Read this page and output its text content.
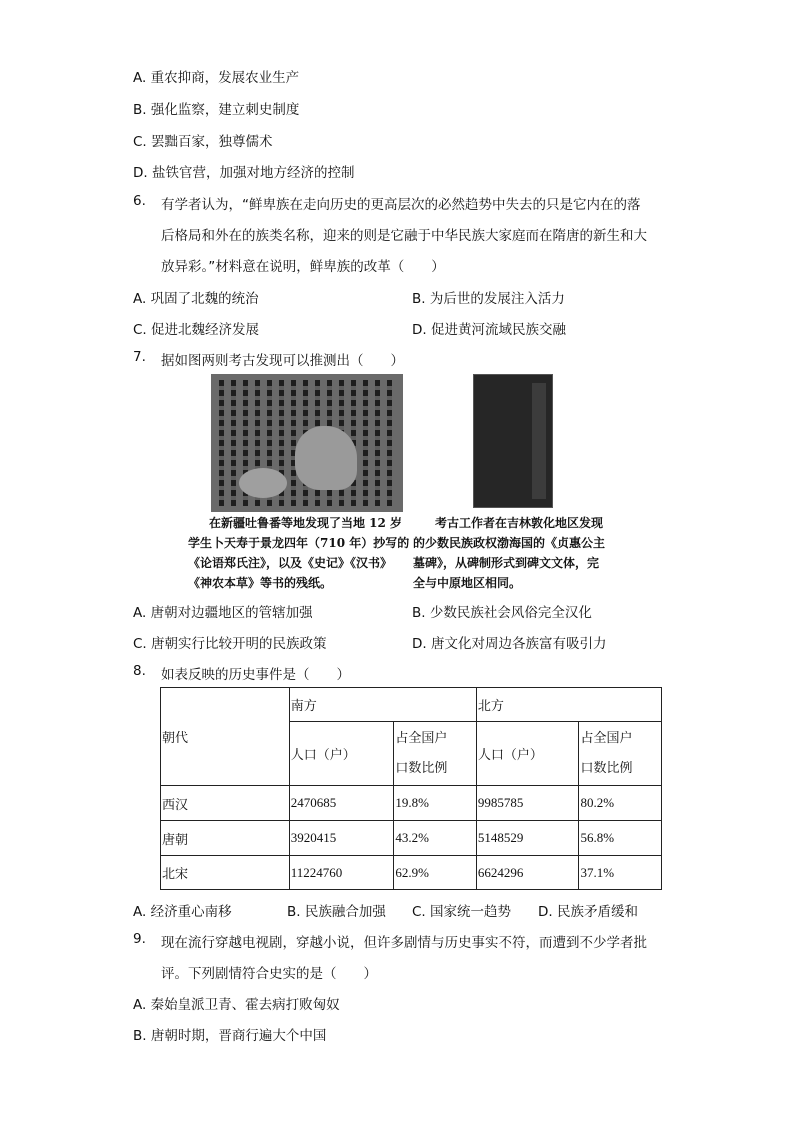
A. 重农抑商，发展农业生产
B. 强化监察，建立刺史制度
C. 罢黜百家，独尊儒术
D. 盐铁官营，加强对地方经济的控制
6. 有学者认为，“鲜卑族在走向历史的更高层次的必然趋势中失去的只是它内在的落
后格局和外在的族类名称，迎来的则是它融于中华民族大家庭而在隋唐的新生和大
放异彩。”材料意在说明，鲜卑族的改革（　　）
A. 巩固了北魏的统治	B. 为后世的发展注入活力
C. 促进北魏经济发展	D. 促进黄河流域民族交融
7. 据如图两则考古发现可以推测出（　　）
在新疆吐鲁番等地发现了当地 12 岁
学生卜天寿于景龙四年（710 年）抄写的
《论语郑氏注》，以及《史记》《汉书》
《神农本草》等书的残纸。
考古工作者在吉林敦化地区发现
的少数民族政权渤海国的《贞惠公主
墓碑》，从碑制形式到碑文文体，完
全与中原地区相同。
A. 唐朝对边疆地区的管辖加强	B. 少数民族社会风俗完全汉化
C. 唐朝实行比较开明的民族政策	D. 唐文化对周边各族富有吸引力
8. 如表反映的历史事件是（　　）
朝代	南方		北方	
	人口（户）	占全国户
口数比例	人口（户）	占全国户
口数比例
西汉	2470685	19.8%	9985785	80.2%
唐朝	3920415	43.2%	5148529	56.8%
北宋	11224760	62.9%	6624296	37.1%
A. 经济重心南移	B. 民族融合加强 C. 国家统一趋势 D. 民族矛盾缓和
9. 现在流行穿越电视剧，穿越小说，但许多剧情与历史事实不符，而遭到不少学者批
评。下列剧情符合史实的是（　　）
A. 秦始皇派卫青、霍去病打败匈奴
B. 唐朝时期，晋商行遍大个中国
